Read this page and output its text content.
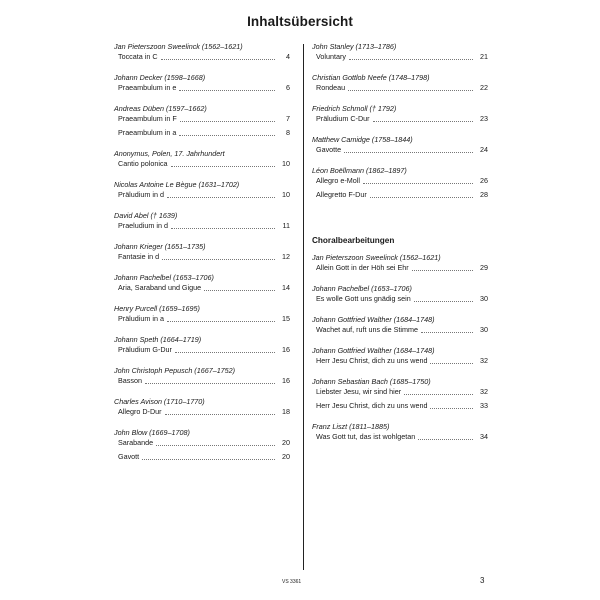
Inhaltsübersicht
Jan Pieterszoon Sweelinck (1562–1621)
Toccata in C	4
Johann Decker (1598–1668)
Praeambulum in e	6
Andreas Düben (1597–1662)
Praeambulum in F	7
Praeambulum in a	8
Anonymus, Polen, 17. Jahrhundert
Cantio polonica	10
Nicolas Antoine Le Bègue (1631–1702)
Präludium in d	10
David Abel († 1639)
Praeludium in d	11
Johann Krieger (1651–1735)
Fantasie in d	12
Johann Pachelbel (1653–1706)
Aria, Saraband und Gigue	14
Henry Purcell (1659–1695)
Präludium in a	15
Johann Speth (1664–1719)
Präludium G-Dur	16
John Christoph Pepusch (1667–1752)
Basson	16
Charles Avison (1710–1770)
Allegro D-Dur	18
John Blow (1669–1708)
Sarabande	20
Gavott	20
John Stanley (1713–1786)
Voluntary	21
Christian Gottlob Neefe (1748–1798)
Rondeau	22
Friedrich Schmoll († 1792)
Präludium C-Dur	23
Matthew Camidge (1758–1844)
Gavotte	24
Léon Boëllmann (1862–1897)
Allegro e-Moll	26
Allegretto F-Dur	28
Choralbearbeitungen
Jan Pieterszoon Sweelinck (1562–1621)
Allein Gott in der Höh sei Ehr	29
Johann Pachelbel (1653–1706)
Es wolle Gott uns gnädig sein	30
Johann Gottfried Walther (1684–1748)
Wachet auf, ruft uns die Stimme	30
Johann Gottfried Walther (1684–1748)
Herr Jesu Christ, dich zu uns wend	32
Johann Sebastian Bach (1685–1750)
Liebster Jesu, wir sind hier	32
Herr Jesu Christ, dich zu uns wend	33
Franz Liszt (1811–1885)
Was Gott tut, das ist wohlgetan	34
VS 3361	3
